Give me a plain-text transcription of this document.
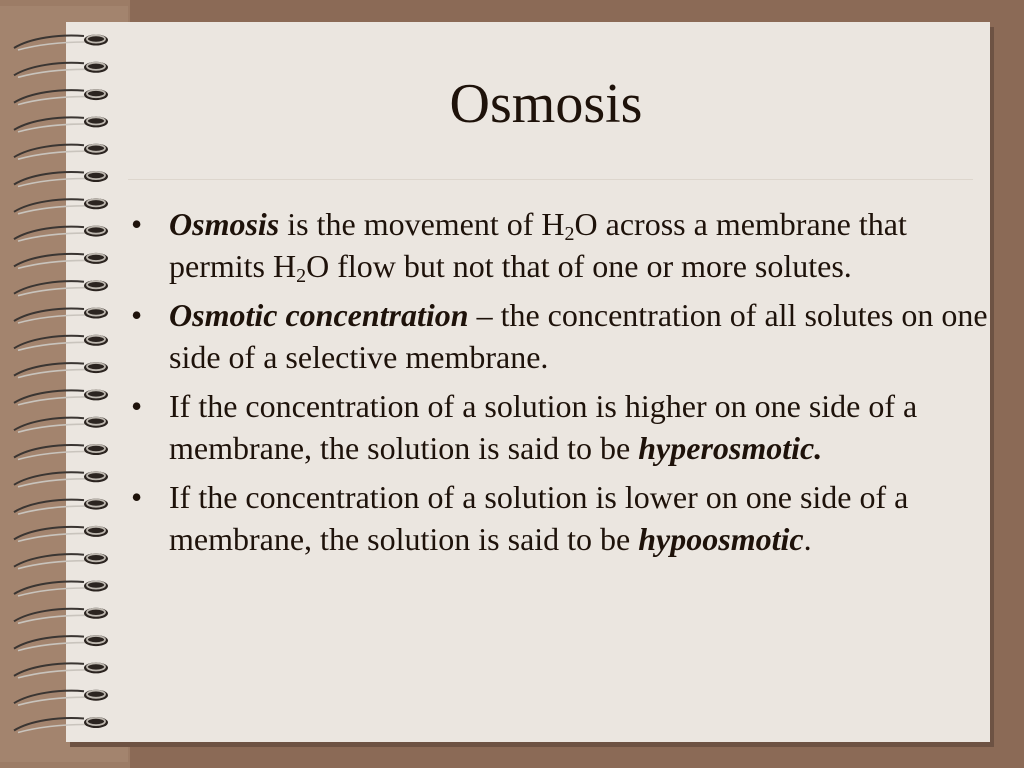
Osmosis
• Osmosis is the movement of $H_2O$ across a membrane that permits $H_2O$ flow but not that of one or more solutes.
• Osmotic concentration – the concentration of all solutes on one side of a selective membrane.
• If the concentration of a solution is higher on one side of a membrane, the solution is said to be hyperosmotic.
• If the concentration of a solution is lower on one side of a membrane, the solution is said to be hypoosmotic.
